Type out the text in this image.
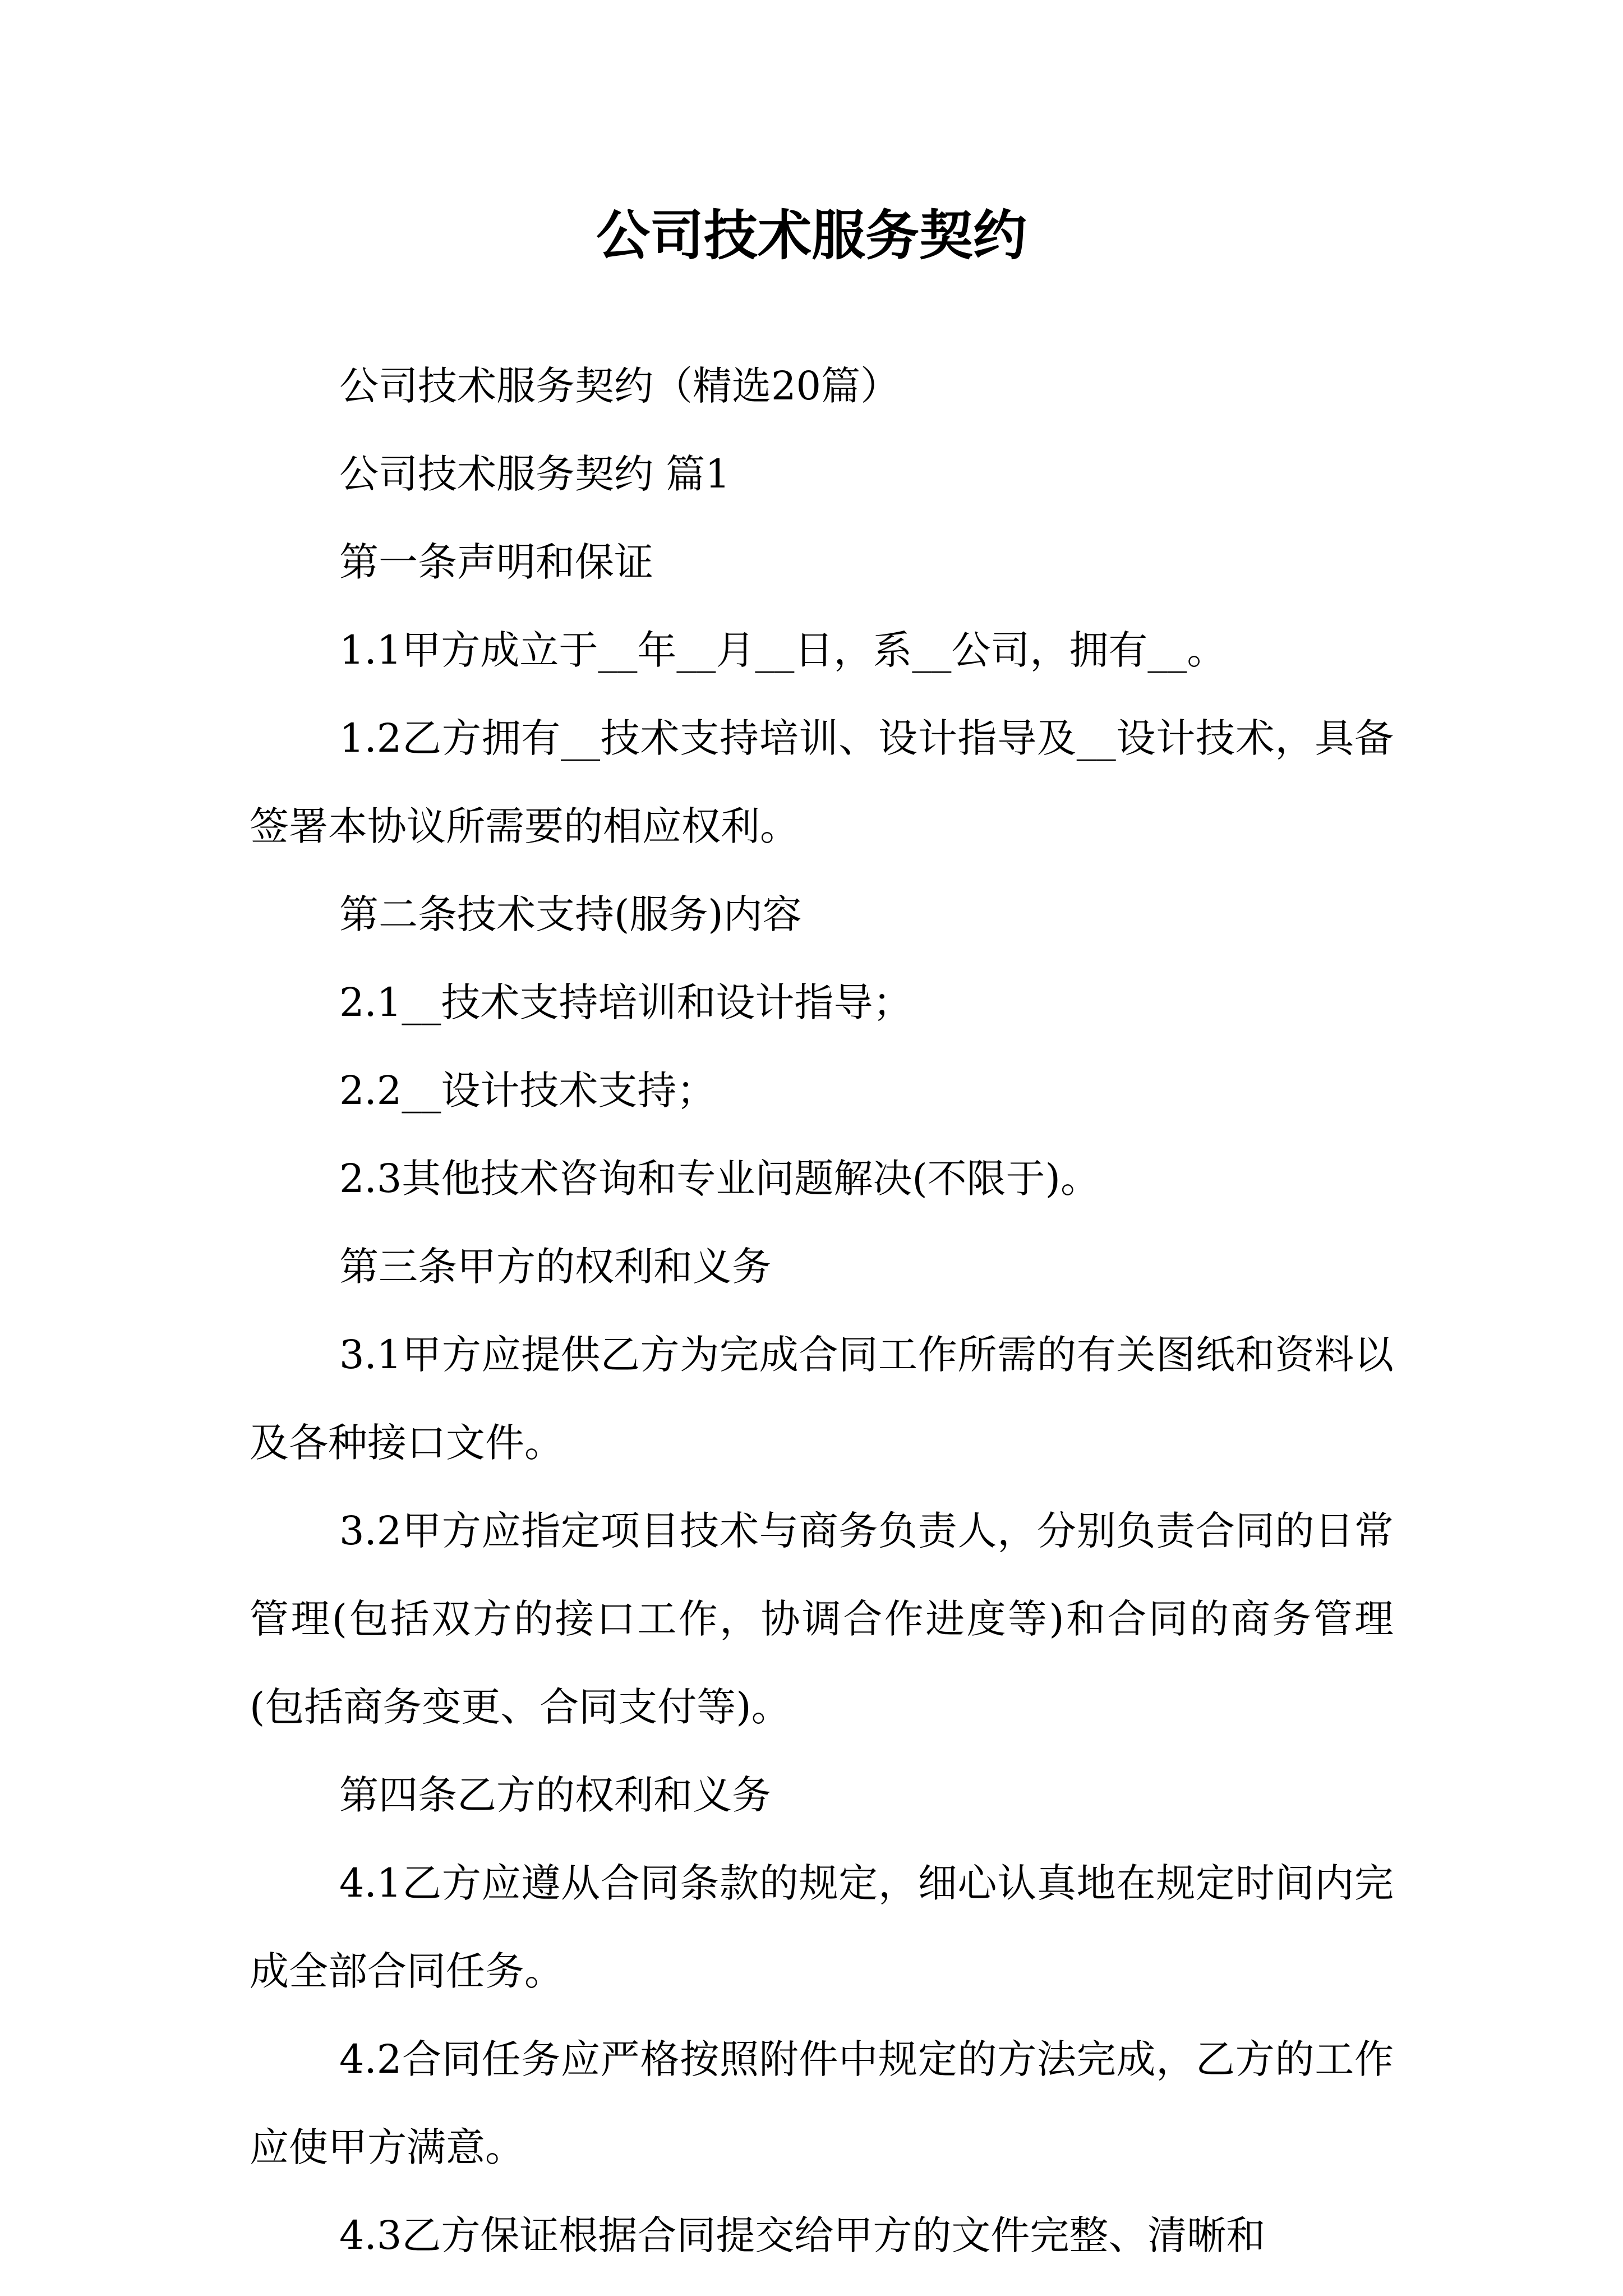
公司技术服务契约

公司技术服务契约（精选20篇）

公司技术服务契约 篇1

第一条声明和保证

1.1甲方成立于__年__月__日，系__公司，拥有__。

1.2乙方拥有__技术支持培训、设计指导及__设计技术，具备签署本协议所需要的相应权利。

第二条技术支持(服务)内容

2.1__技术支持培训和设计指导；

2.2__设计技术支持；

2.3其他技术咨询和专业问题解决(不限于)。

第三条甲方的权利和义务

3.1甲方应提供乙方为完成合同工作所需的有关图纸和资料以及各种接口文件。

3.2甲方应指定项目技术与商务负责人，分别负责合同的日常管理(包括双方的接口工作，协调合作进度等)和合同的商务管理(包括商务变更、合同支付等)。

第四条乙方的权利和义务

4.1乙方应遵从合同条款的规定，细心认真地在规定时间内完成全部合同任务。

4.2合同任务应严格按照附件中规定的方法完成，乙方的工作应使甲方满意。

4.3乙方保证根据合同提交给甲方的文件完整、清晰和
